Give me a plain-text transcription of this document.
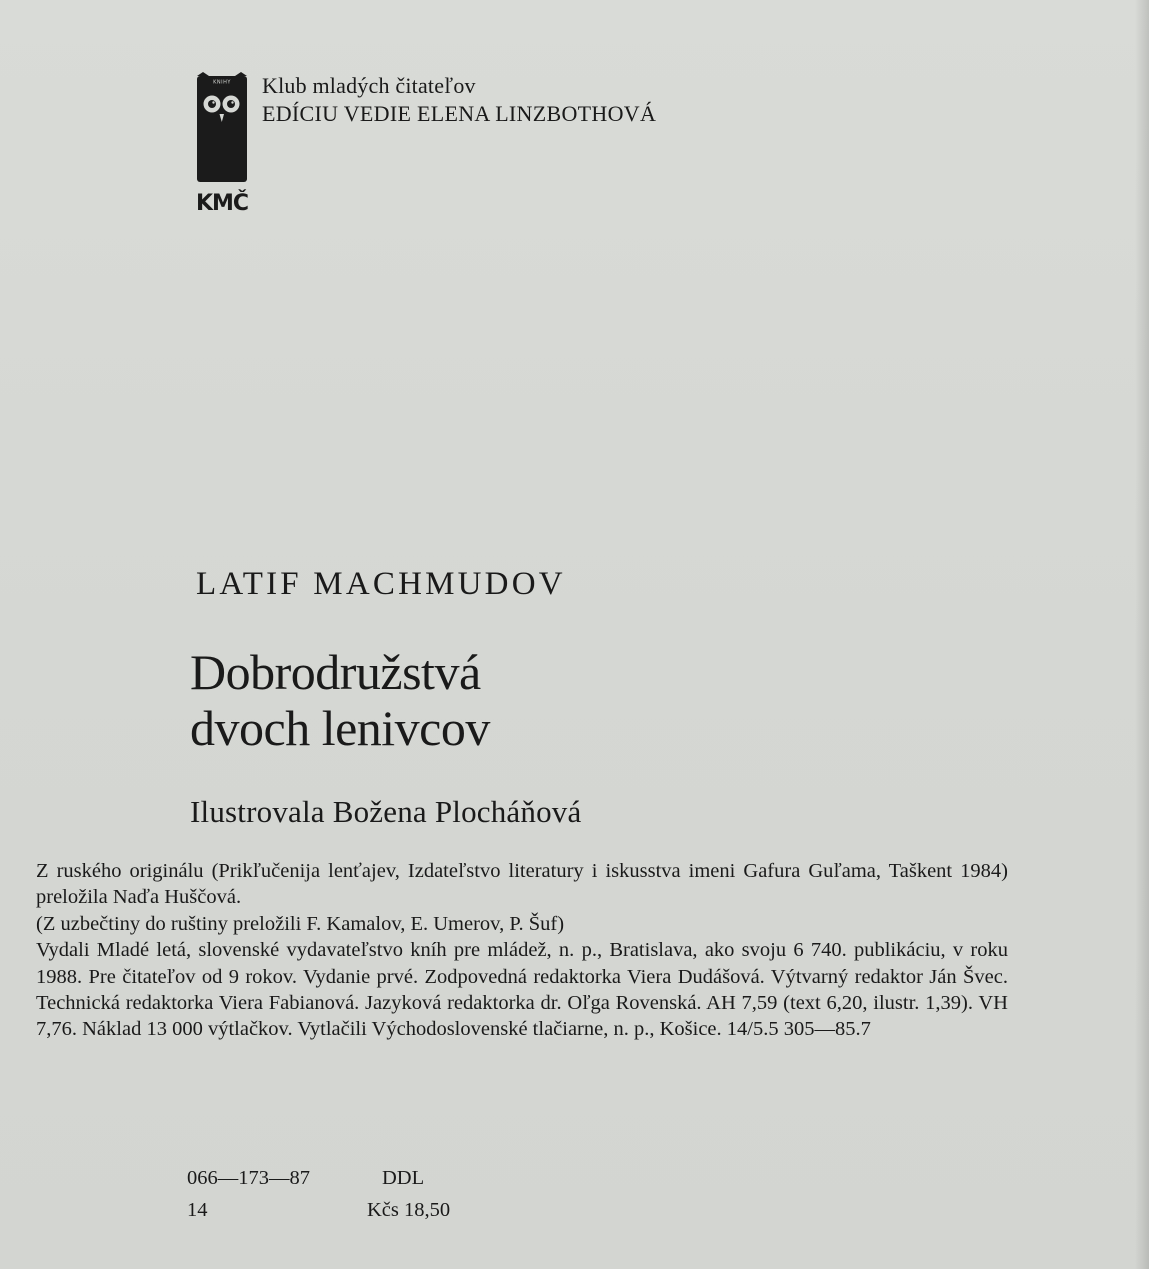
KNIHY
KMČ
Klub mladých čitateľov
EDÍCIU VEDIE ELENA LINZBOTHOVÁ
LATIF MACHMUDOV
Dobrodružstvá
dvoch lenivcov
Ilustrovala Božena Plocháňová

Z ruského originálu (Prikľučenija lenťajev, Izdateľstvo literatury i iskusstva imeni Gafura Guľama, Taškent 1984) preložila Naďa Huščová.

(Z uzbečtiny do ruštiny preložili F. Kamalov, E. Umerov, P. Šuf)

Vydali Mladé letá, slovenské vydavateľstvo kníh pre mládež, n. p., Bratislava, ako svoju 6 740. publikáciu, v roku 1988. Pre čitateľov od 9 rokov. Vydanie prvé. Zodpovedná redaktorka Viera Dudášová. Výtvarný redaktor Ján Švec. Technická redaktorka Viera Fabianová. Jazyková redaktorka dr. Oľga Rovenská. AH 7,59 (text 6,20, ilustr. 1,39). VH 7,76. Náklad 13 000 výtlačkov. Vytlačili Východoslovenské tlačiarne, n. p., Košice. 14/5.5 305—85.7

066—173—87	DDL
14	Kčs 18,50
